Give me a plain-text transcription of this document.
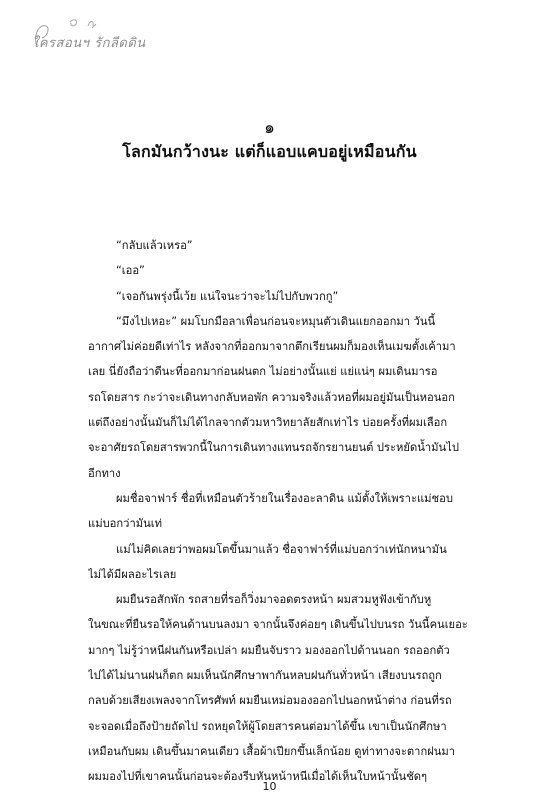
ใครสอนฯ รักลีดดิน
๑
โลกมันกว้างนะ แต่ก็แอบแคบอยู่เหมือนกัน
“กลับแล้วเหรอ”
“เออ”
“เจอกันพรุ่งนี้เว้ย แน่ใจนะว่าจะไม่ไปกับพวกกู”
“มึงไปเหอะ” ผมโบกมือลาเพื่อนก่อนจะหมุนตัวเดินแยกออกมา วันนี้
อากาศไม่ค่อยดีเท่าไร หลังจากที่ออกมาจากตึกเรียนผมก็มองเห็นเมฆตั้งเค้ามา
เลย นี่ยังถือว่าดีนะที่ออกมาก่อนฝนตก ไม่อย่างนั้นแย่ แย่แน่ๆ ผมเดินมารอ
รถโดยสาร กะว่าจะเดินทางกลับหอพัก ความจริงแล้วหอที่ผมอยู่มันเป็นหอนอก
แต่ถึงอย่างนั้นมันก็ไม่ได้ไกลจากตัวมหาวิทยาลัยสักเท่าไร บ่อยครั้งที่ผมเลือก
จะอาศัยรถโดยสารพวกนี้ในการเดินทางแทนรถจักรยานยนต์ ประหยัดน้ำมันไป
อีกทาง
ผมชื่อจาฟาร์ ชื่อที่เหมือนตัวร้ายในเรื่องอะลาดิน แม้ตั้งให้เพราะแม่ชอบ
แม่บอกว่ามันเท่
แม่ไม่คิดเลยว่าพอผมโตขึ้นมาแล้ว ชื่อจาฟาร์ที่แม่บอกว่าเท่นักหนามัน
ไม่ได้มีผลอะไรเลย
ผมยืนรอสักพัก รถสายที่รอก็วิ่งมาจอดตรงหน้า ผมสวมหูฟังเข้ากับหู
ในขณะที่ยืนรอให้คนด้านบนลงมา จากนั้นจึงค่อยๆ เดินขึ้นไปบนรถ วันนี้คนเยอะ
มากๆ ไม่รู้ว่าหนีฝนกันหรือเปล่า ผมยืนจับราว มองออกไปด้านนอก รถออกตัว
ไปได้ไม่นานฝนก็ตก ผมเห็นนักศึกษาพากันหลบฝนกันทั่วหน้า เสียงบนรถถูก
กลบด้วยเสียงเพลงจากโทรศัพท์ ผมยืนเหม่อมองออกไปนอกหน้าต่าง ก่อนที่รถ
จะจอดเมื่อถึงป้ายถัดไป รถหยุดให้ผู้โดยสารคนต่อมาได้ขึ้น เขาเป็นนักศึกษา
เหมือนกับผม เดินขึ้นมาคนเดียว เสื้อผ้าเปียกขึ้นเล็กน้อย ดูท่าทางจะตากฝนมา
ผมมองไปที่เขาคนนั้นก่อนจะต้องรีบหันหน้าหนีเมื่อได้เห็นใบหน้านั้นชัดๆ
10
